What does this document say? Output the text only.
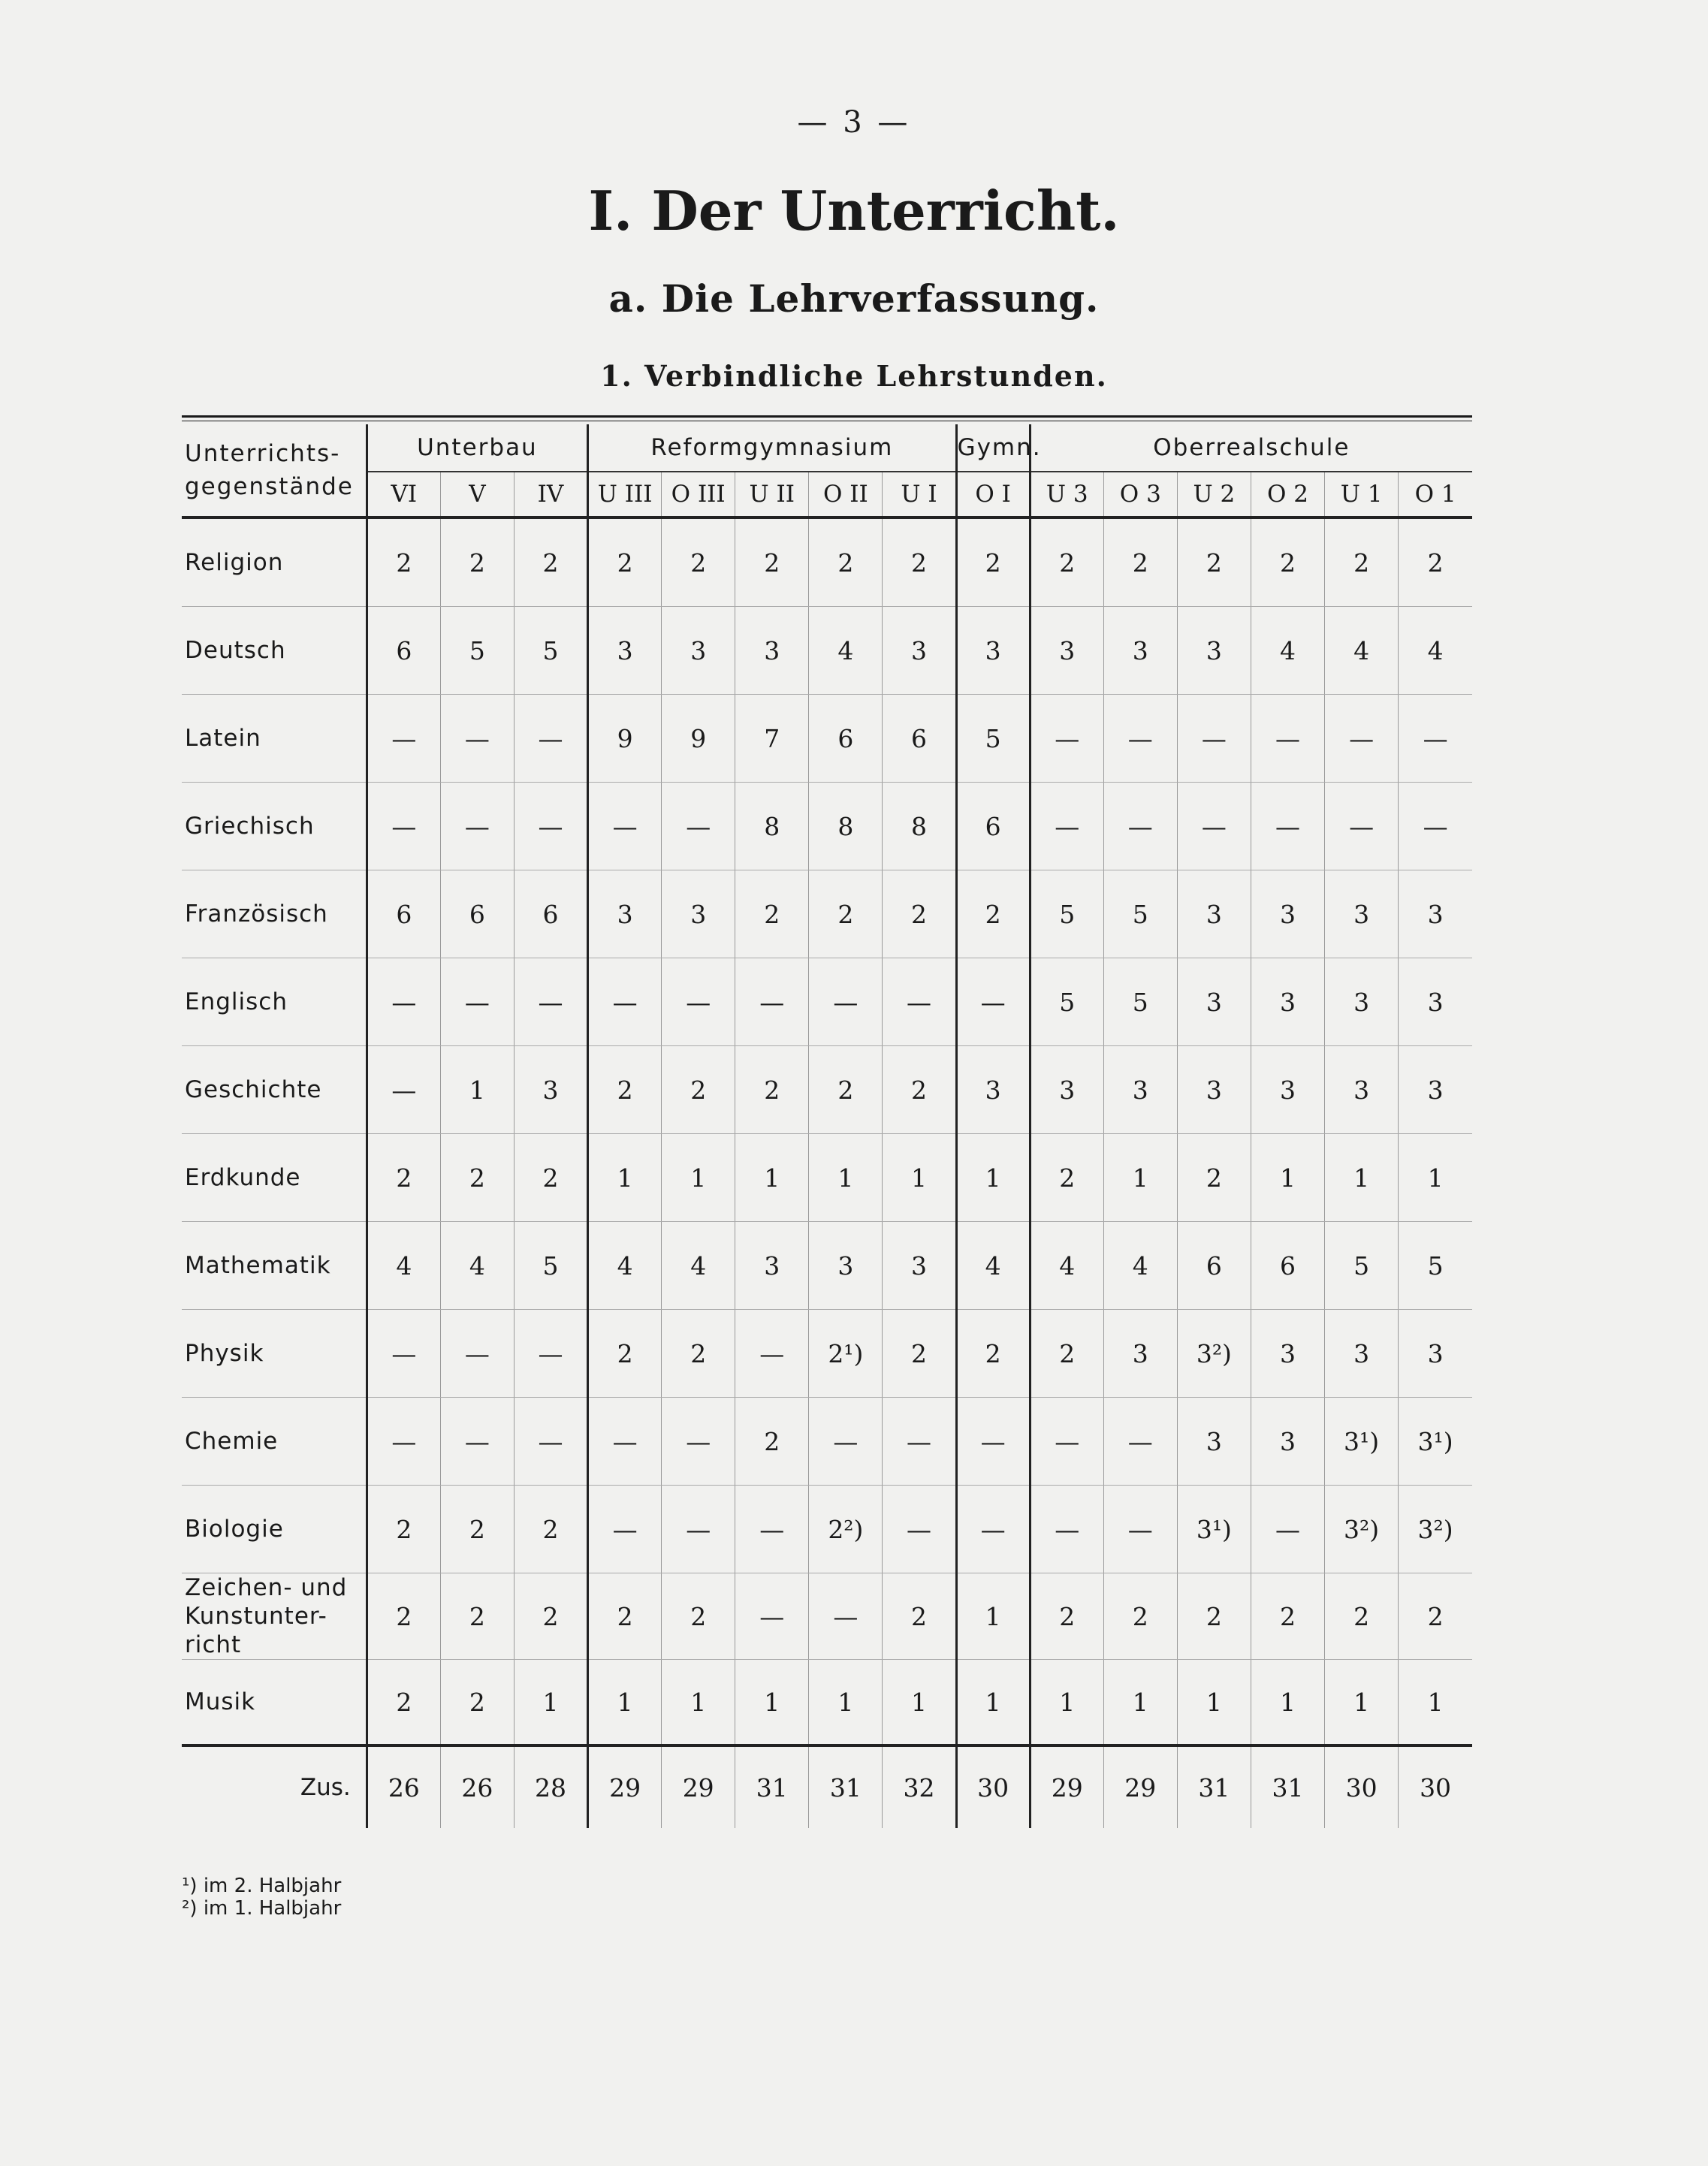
— 3 —
I. Der Unterricht.
a. Die Lehrverfassung.
1. Verbindliche Lehrstunden.
Unterrichts-
gegenstände	Unterbau			Reformgymnasium					Gymn.	Oberrealschule					
	VI	V	IV	U III	O III	U II	O II	U I	O I	U 3	O 3	U 2	O 2	U 1	O 1
Religion	2	2	2	2	2	2	2	2	2	2	2	2	2	2	2
Deutsch	6	5	5	3	3	3	4	3	3	3	3	3	4	4	4
Latein	—	—	—	9	9	7	6	6	5	—	—	—	—	—	—
Griechisch	—	—	—	—	—	8	8	8	6	—	—	—	—	—	—
Französisch	6	6	6	3	3	2	2	2	2	5	5	3	3	3	3
Englisch	—	—	—	—	—	—	—	—	—	5	5	3	3	3	3
Geschichte	—	1	3	2	2	2	2	2	3	3	3	3	3	3	3
Erdkunde	2	2	2	1	1	1	1	1	1	2	1	2	1	1	1
Mathematik	4	4	5	4	4	3	3	3	4	4	4	6	6	5	5
Physik	—	—	—	2	2	—	2¹)	2	2	2	3	3²)	3	3	3
Chemie	—	—	—	—	—	2	—	—	—	—	—	3	3	3¹)	3¹)
Biologie	2	2	2	—	—	—	2²)	—	—	—	—	3¹)	—	3²)	3²)

Zeichen- und
Kunstunter-
richt	2	2	2	2	2	—	—	2	1	2	2	2	2	2	2
Musik	2	2	1	1	1	1	1	1	1	1	1	1	1	1	1
Zus.	26	26	28	29	29	31	31	32	30	29	29	31	31	30	30
¹) im 2. Halbjahr
²) im 1. Halbjahr
